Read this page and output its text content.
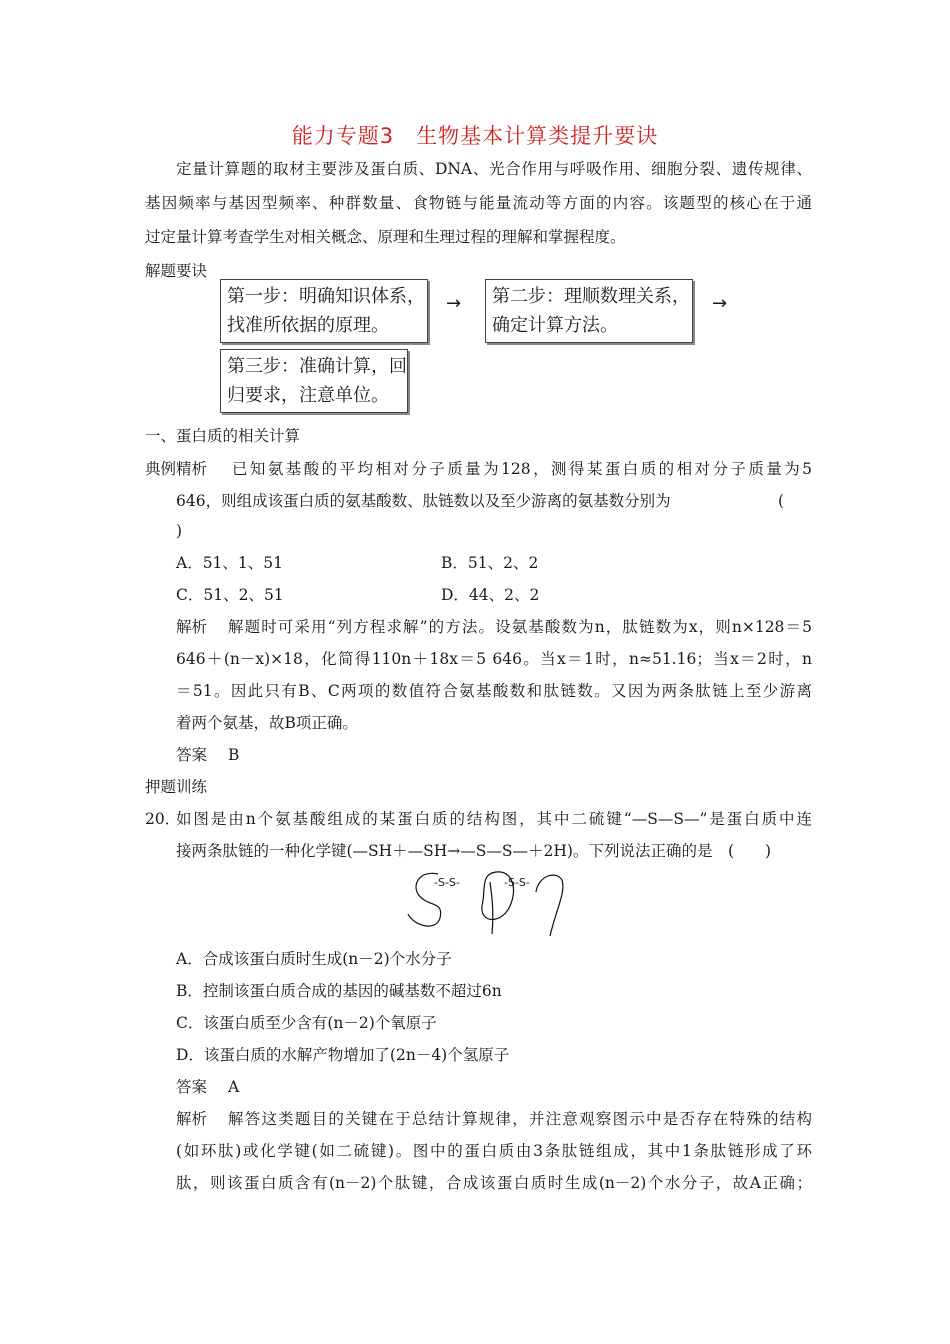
能力专题3 生物基本计算类提升要诀
定量计算题的取材主要涉及蛋白质、DNA、光合作用与呼吸作用、细胞分裂、遗传规律、
基因频率与基因型频率、种群数量、食物链与能量流动等方面的内容。该题型的核心在于通
过定量计算考查学生对相关概念、原理和生理过程的理解和掌握程度。
解题要诀
第一步：明确知识体系，
找准所依据的原理。
→ 第二步：理顺数理关系，
确定计算方法。
→
第三步：准确计算，回
归要求，注意单位。
一、蛋白质的相关计算
典例精析 已知氨基酸的平均相对分子质量为128，测得某蛋白质的相对分子质量为5
646，则组成该蛋白质的氨基酸数、肽链数以及至少游离的氨基数分别为	(
)
A．51、1、51	B．51、2、2
C．51、2、51	D．44、2、2
解析 解题时可采用“列方程求解”的方法。设氨基酸数为n，肽链数为x，则n×128＝5
646＋(n－x)×18，化简得110n＋18x＝5 646。当x＝1时，n≈51.16；当x＝2时，n
＝51。因此只有B、C两项的数值符合氨基酸数和肽链数。又因为两条肽链上至少游离
着两个氨基，故B项正确。
答案 B
押题训练
20．
如图是由n个氨基酸组成的某蛋白质的结构图，其中二硫键“—S—S—”是蛋白质中连
接两条肽链的一种化学键(—SH＋—SH→—S—S—＋2H)。下列说法正确的是　(　　)
-S-S-	-S-S-
A．合成该蛋白质时生成(n－2)个水分子
B．控制该蛋白质合成的基因的碱基数不超过6n
C．该蛋白质至少含有(n－2)个氧原子
D．该蛋白质的水解产物增加了(2n－4)个氢原子
答案 A
解析 解答这类题目的关键在于总结计算规律，并注意观察图示中是否存在特殊的结构
(如环肽)或化学键(如二硫键)。图中的蛋白质由3条肽链组成，其中1条肽链形成了环
肽，则该蛋白质含有(n－2)个肽键，合成该蛋白质时生成(n－2)个水分子，故A正确；
